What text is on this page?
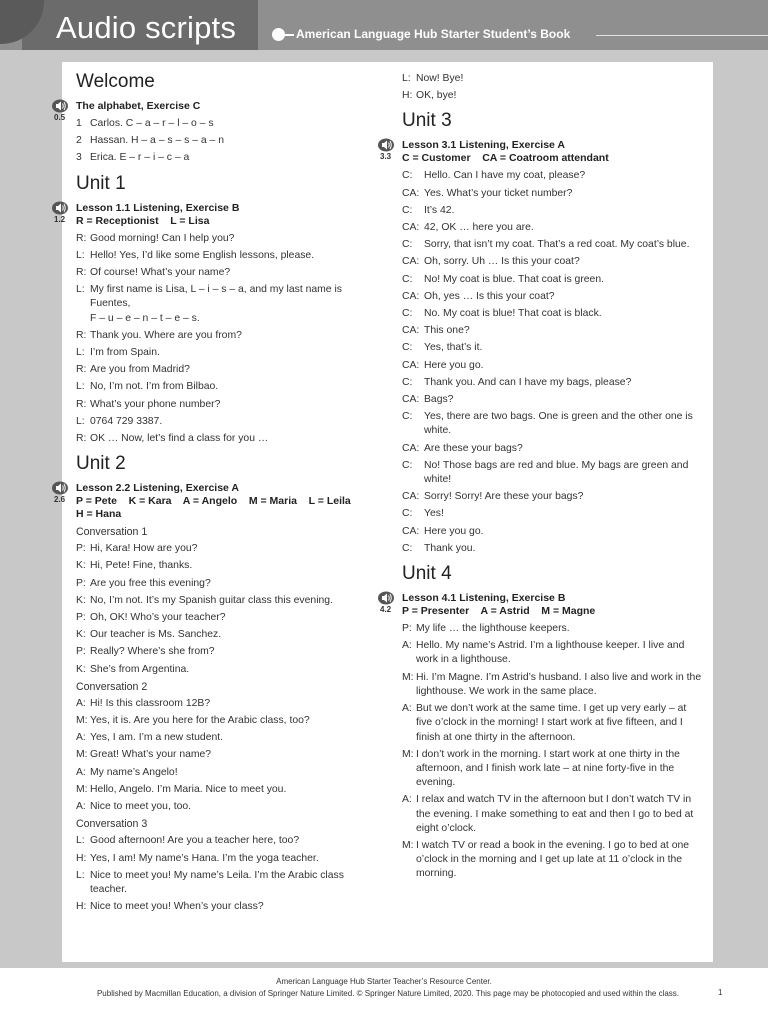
Audio scripts	American Language Hub Starter Student’s Book
Welcome
0.5
The alphabet, Exercise C
1 Carlos. C – a – r – l – o – s
2 Hassan. H – a – s – s – a – n
3 Erica. E – r – i – c – a
Unit 1
1.2
Lesson 1.1 Listening, Exercise B
R = Receptionist    L = Lisa
R: Good morning! Can I help you?
L: Hello! Yes, I’d like some English lessons, please.
R: Of course! What’s your name?
L: My first name is Lisa, L – i – s – a, and my last name is Fuentes,
F – u – e – n – t – e – s.
R: Thank you. Where are you from?
L: I’m from Spain.
R: Are you from Madrid?
L: No, I’m not. I’m from Bilbao.
R: What’s your phone number?
L: 0764 729 3387.
R: OK … Now, let’s find a class for you …
Unit 2
2.6
Lesson 2.2 Listening, Exercise A
P = Pete    K = Kara    A = Angelo    M = Maria    L = Leila
H = Hana
Conversation 1
P: Hi, Kara! How are you?
K: Hi, Pete! Fine, thanks.
P: Are you free this evening?
K: No, I’m not. It’s my Spanish guitar class this evening.
P: Oh, OK! Who’s your teacher?
K: Our teacher is Ms. Sanchez.
P: Really? Where’s she from?
K: She’s from Argentina.
Conversation 2
A: Hi! Is this classroom 12B?
M: Yes, it is. Are you here for the Arabic class, too?
A: Yes, I am. I’m a new student.
M: Great! What’s your name?
A: My name’s Angelo!
M: Hello, Angelo. I’m Maria. Nice to meet you.
A: Nice to meet you, too.
Conversation 3
L: Good afternoon! Are you a teacher here, too?
H: Yes, I am! My name’s Hana. I’m the yoga teacher.
L: Nice to meet you! My name’s Leila. I’m the Arabic class teacher.
H: Nice to meet you! When’s your class?
L: Now! Bye!
H: OK, bye!
Unit 3
3.3
Lesson 3.1 Listening, Exercise A
C = Customer    CA = Coatroom attendant
C:	Hello. Can I have my coat, please?
CA: Yes. What’s your ticket number?
C:	It’s 42.
CA: 42, OK … here you are.
C:	Sorry, that isn’t my coat. That’s a red coat. My coat’s blue.
CA: Oh, sorry. Uh … Is this your coat?
C:	No! My coat is blue. That coat is green.
CA: Oh, yes … Is this your coat?
C:	No. My coat is blue! That coat is black.
CA: This one?
C:	Yes, that’s it.
CA: Here you go.
C:	Thank you. And can I have my bags, please?
CA: Bags?
C:	Yes, there are two bags. One is green and the other one is white.
CA: Are these your bags?
C:	No! Those bags are red and blue. My bags are green and white!
CA: Sorry! Sorry! Are these your bags?
C:	Yes!
CA: Here you go.
C:	Thank you.
Unit 4
4.2
Lesson 4.1 Listening, Exercise B
P = Presenter    A = Astrid    M = Magne
P: My life … the lighthouse keepers.
A: Hello. My name’s Astrid. I’m a lighthouse keeper. I live and work in a lighthouse.
M: Hi. I’m Magne. I’m Astrid’s husband. I also live and work in the lighthouse. We work in the same place.
A: But we don’t work at the same time. I get up very early – at five o’clock in the morning! I start work at five fifteen, and I finish at one thirty in the afternoon.
M: I don’t work in the morning. I start work at one thirty in the afternoon, and I finish work late – at nine forty-five in the evening.
A: I relax and watch TV in the afternoon but I don’t watch TV in the evening. I make something to eat and then I go to bed at eight o’clock.
M: I watch TV or read a book in the evening. I go to bed at one o’clock in the morning and I get up late at 11 o’clock in the morning.
American Language Hub Starter Teacher’s Resource Center.
Published by Macmillan Education, a division of Springer Nature Limited. © Springer Nature Limited, 2020. This page may be photocopied and used within the class.	1
